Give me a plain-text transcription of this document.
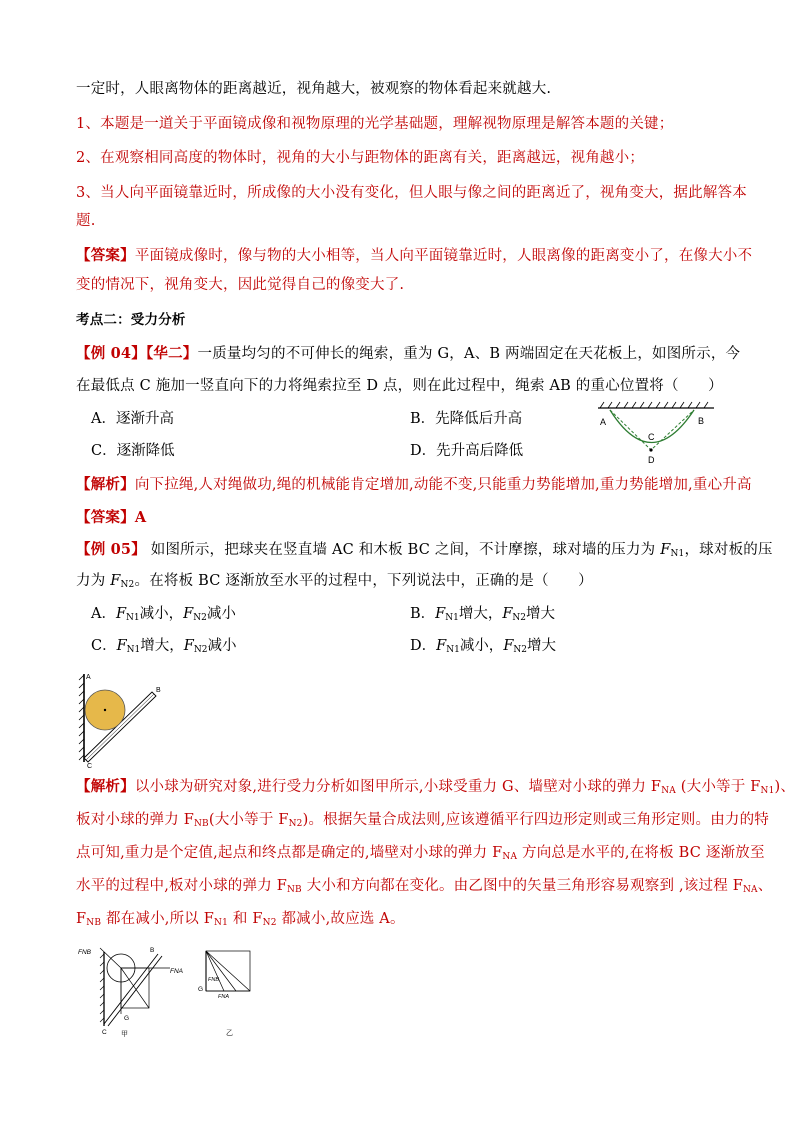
一定时，人眼离物体的距离越近，视角越大，被观察的物体看起来就越大.
1、本题是一道关于平面镜成像和视物原理的光学基础题，理解视物原理是解答本题的关键；
2、在观察相同高度的物体时，视角的大小与距物体的距离有关，距离越远，视角越小；
3、当人向平面镜靠近时，所成像的大小没有变化，但人眼与像之间的距离近了，视角变大，据此解答本
题.
【答案】平面镜成像时，像与物的大小相等，当人向平面镜靠近时，人眼离像的距离变小了，在像大小不
变的情况下，视角变大，因此觉得自己的像变大了.
考点二：受力分析
【例 04】【华二】一质量均匀的不可伸长的绳索，重为 G，A、B 两端固定在天花板上，如图所示，今
在最低点 C 施加一竖直向下的力将绳索拉至 D 点，则在此过程中，绳索 AB 的重心位置将（　　）
A．逐渐升高	B．先降低后升高
C．逐渐降低	D．先升高后降低
A	B
C
D
【解析】向下拉绳,人对绳做功,绳的机械能肯定增加,动能不变,只能重力势能增加,重力势能增加,重心升高
【答案】A
【例 05】 如图所示，把球夹在竖直墙 AC 和木板 BC 之间，不计摩擦，球对墙的压力为 $F_{N1}$，球对板的压
力为 $F_{N2}$。在将板 BC 逐渐放至水平的过程中，下列说法中，正确的是（　　）
A．$F_{N1}$减小，$F_{N2}$减小	B．$F_{N1}$增大，$F_{N2}$增大
C．$F_{N1}$增大，$F_{N2}$减小	D．$F_{N1}$减小，$F_{N2}$增大
A
B
C
【解析】以小球为研究对象,进行受力分析如图甲所示,小球受重力 G、墙壁对小球的弹力 $F_{NA}$ (大小等于 $F_{N1}$)、
板对小球的弹力 $F_{NB}$(大小等于 $F_{N2}$)。根据矢量合成法则,应该遵循平行四边形定则或三角形定则。由力的特
点可知,重力是个定值,起点和终点都是确定的,墙壁对小球的弹力 $F_{NA}$ 方向总是水平的,在将板 BC 逐渐放至
水平的过程中,板对小球的弹力 $F_{NB}$ 大小和方向都在变化。由乙图中的矢量三角形容易观察到 ,该过程 $F_{NA}$、
$F_{NB}$ 都在减小,所以 $F_{N1}$ 和 $F_{N2}$ 都减小,故应选 A。
FNB
FNA
B
C
G
甲
FNB
FNA
G
乙
